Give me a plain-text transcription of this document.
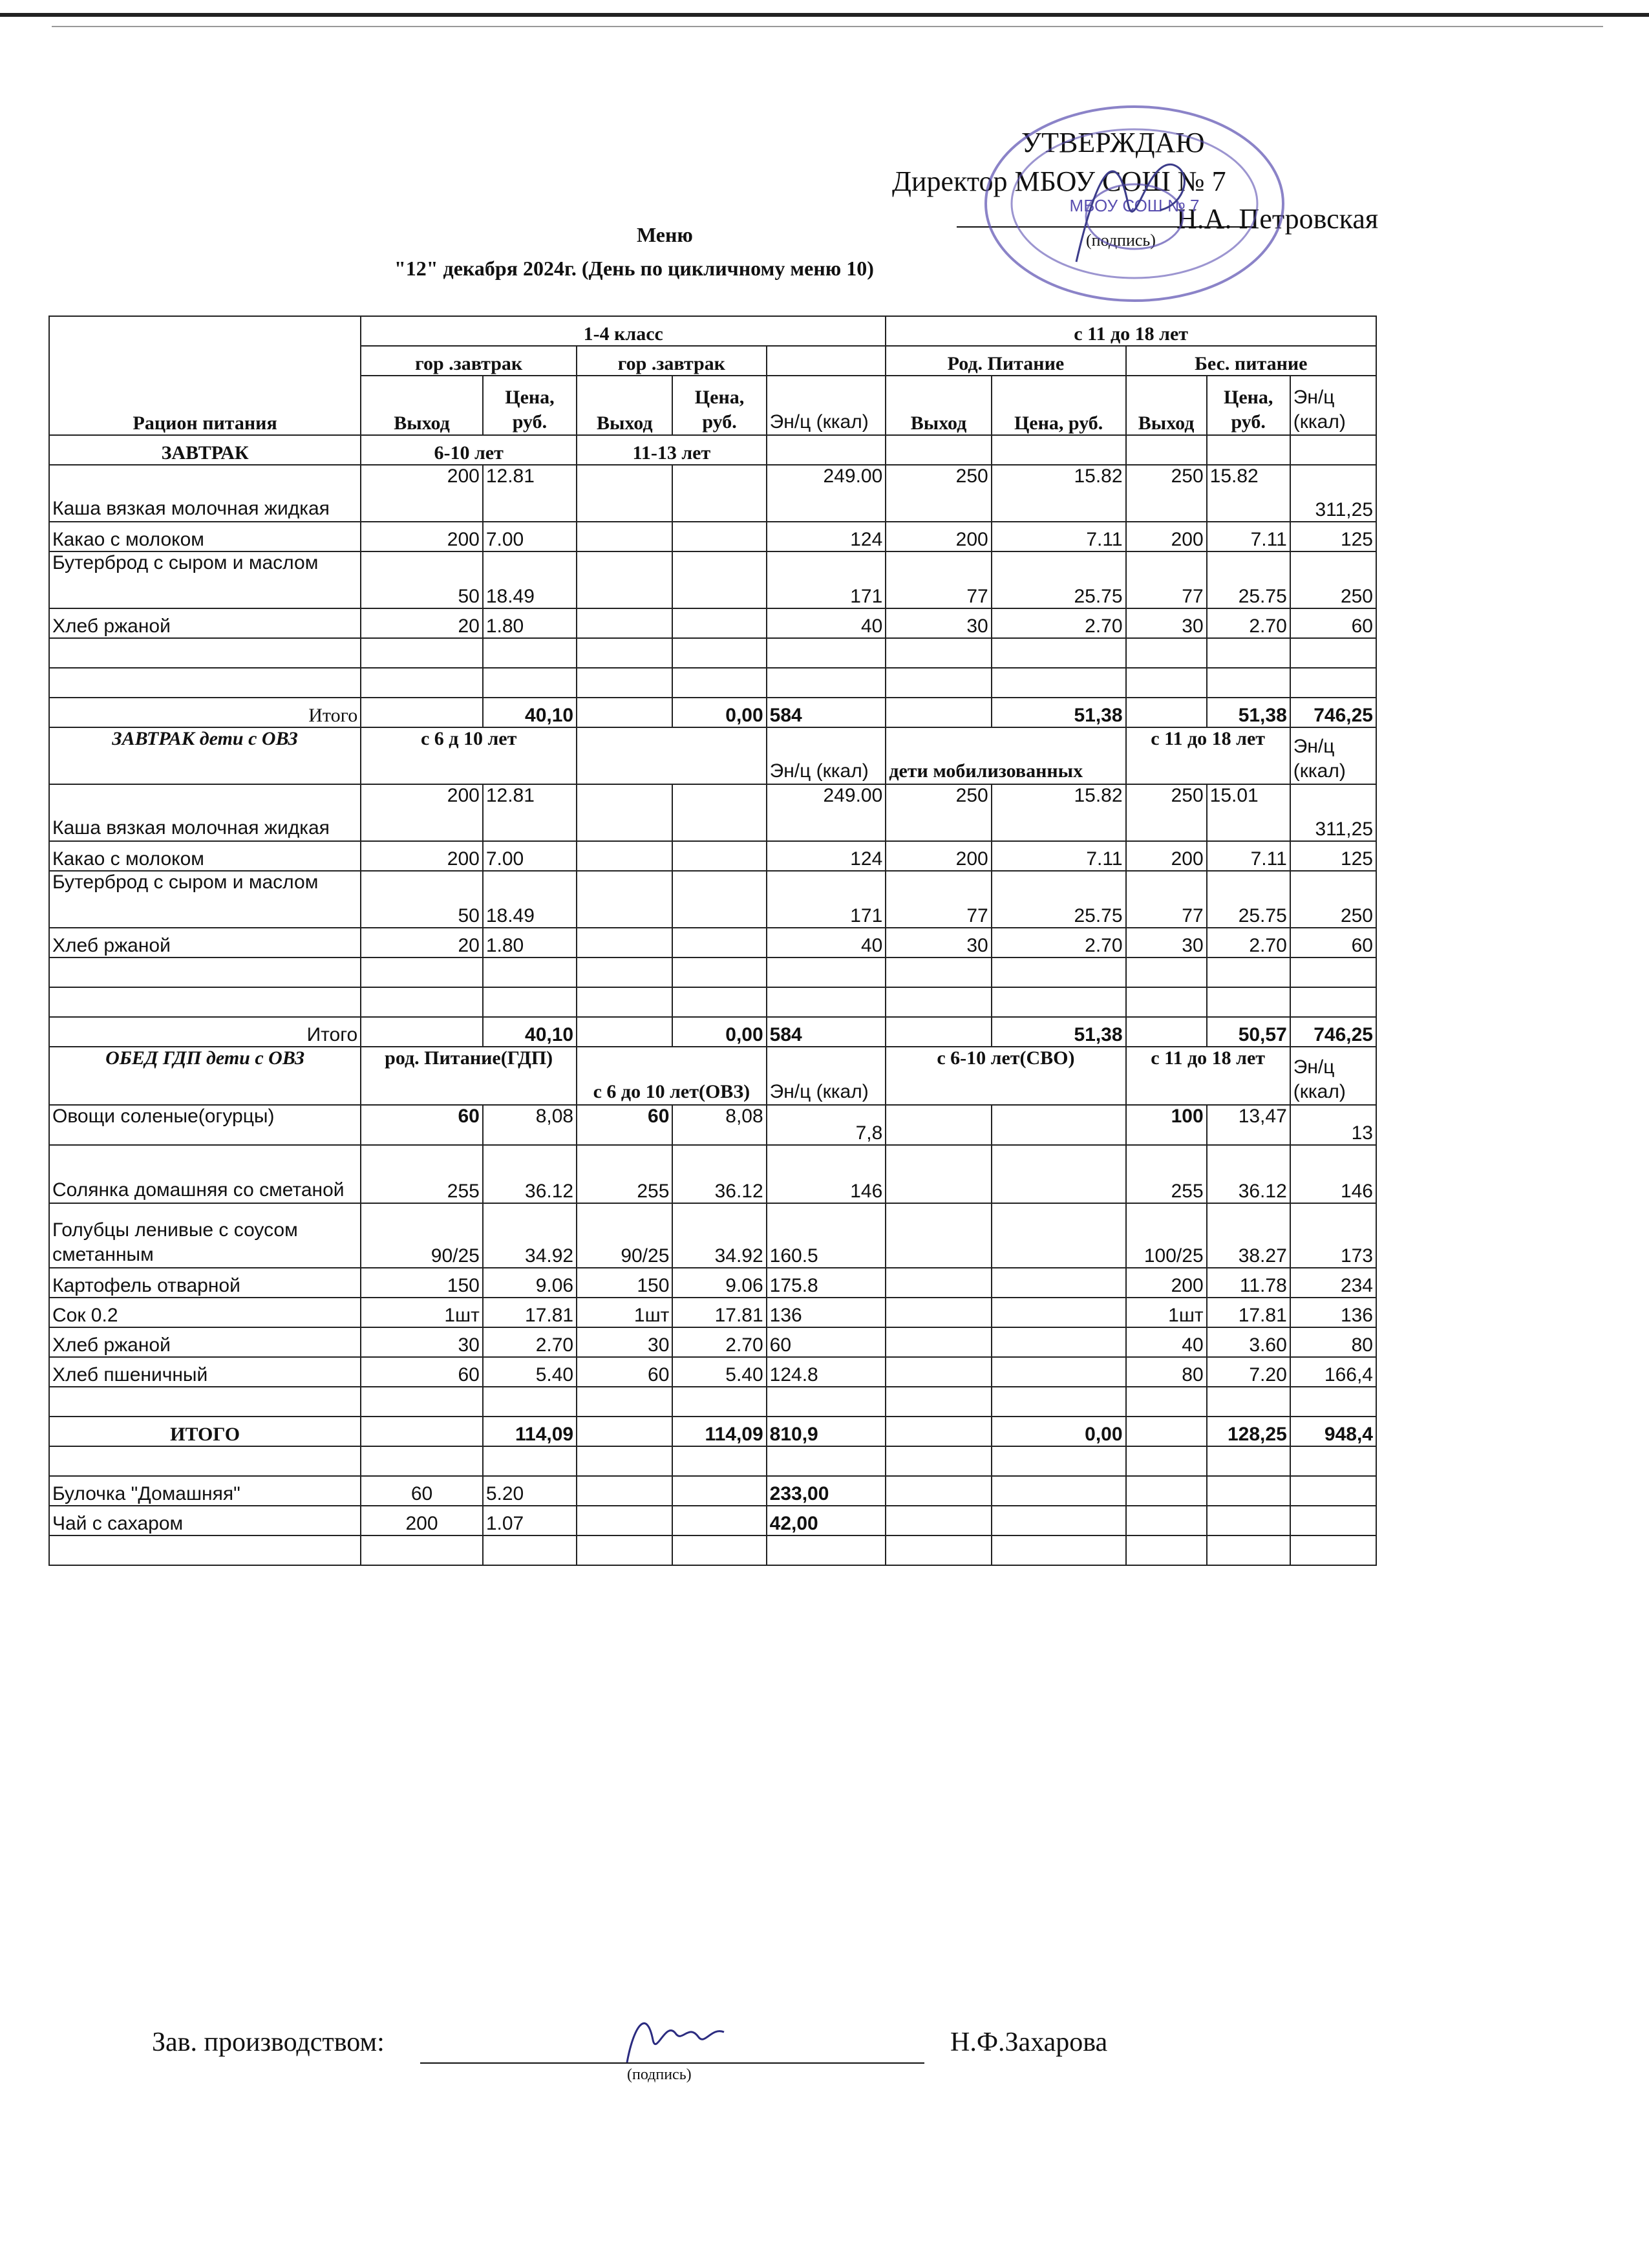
УТВЕРЖДАЮ
Директор МБОУ СОШ № 7
Н.А. Петровская
(подпись)
МБОУ СОШ № 7
Меню
"12" декабря 2024г. (День по цикличному меню 10)
Рацион питания	1-4 класс					с 11 до 18 лет				
	гор .завтрак		гор .завтрак			Род. Питание		Бес. питание		
	Выход	Цена, руб.	Выход	Цена, руб.	Эн/ц (ккал)	Выход	Цена, руб.	Выход	Цена, руб.	Эн/ц (ккал)
ЗАВТРАК	6-10 лет		11-13 лет							
Каша вязкая молочная жидкая	200	12.81			249.00	250	15.82	250	15.82	311,25
Какао с молоком	200	7.00			124	200	7.11	200	7.11	125
Бутерброд с сыром и маслом	50	18.49			171	77	25.75	77	25.75	250
Хлеб ржаной	20	1.80			40	30	2.70	30	2.70	60

Итого		40,10		0,00	584		51,38		51,38	746,25
ЗАВТРАК дети с ОВЗ	с 6 д 10 лет				Эн/ц (ккал)	дети мобилизованных		с 11 до 18 лет		Эн/ц (ккал)
Каша вязкая молочная жидкая	200	12.81			249.00	250	15.82	250	15.01	311,25
Какао с молоком	200	7.00			124	200	7.11	200	7.11	125
Бутерброд с сыром и маслом	50	18.49			171	77	25.75	77	25.75	250
Хлеб ржаной	20	1.80			40	30	2.70	30	2.70	60

Итого		40,10		0,00	584		51,38		50,57	746,25
ОБЕД ГДП дети с ОВЗ	род. Питание(ГДП)		с 6 до 10 лет(ОВЗ)		Эн/ц (ккал)	с 6-10 лет(СВО)		с 11 до 18 лет		Эн/ц (ккал)
Овощи соленые(огурцы)	60	8,08	60	8,08	7,8			100	13,47	13
Солянка домашняя со сметаной	255	36.12	255	36.12	146			255	36.12	146
Голубцы ленивые с соусом сметанным	90/25	34.92	90/25	34.92	160.5			100/25	38.27	173
Картофель отварной	150	9.06	150	9.06	175.8			200	11.78	234
Сок 0.2	1шт	17.81	1шт	17.81	136			1шт	17.81	136
Хлеб ржаной	30	2.70	30	2.70	60			40	3.60	80
Хлеб пшеничный	60	5.40	60	5.40	124.8			80	7.20	166,4

ИТОГО		114,09		114,09	810,9		0,00		128,25	948,4

Булочка "Домашняя"	60	5.20			233,00					
Чай с сахаром	200	1.07			42,00					

Зав. производством:	Н.Ф.Захарова
(подпись)
